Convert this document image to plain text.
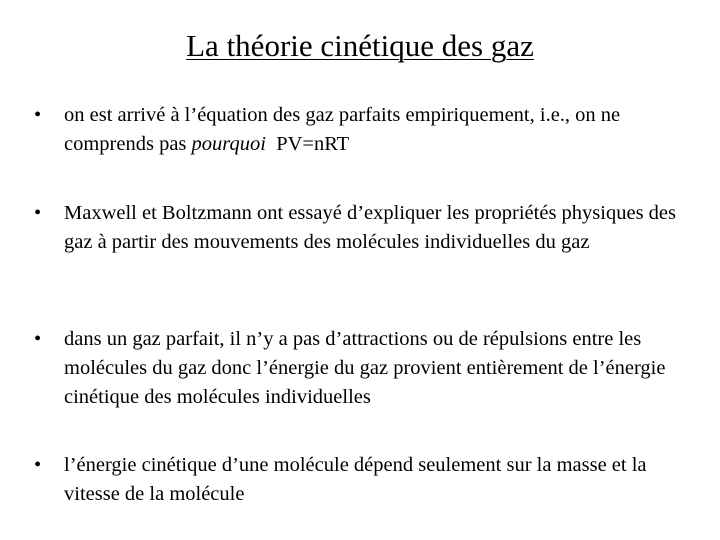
La théorie cinétique des gaz
•	on est arrivé à l’équation des gaz parfaits empiriquement, i.e., on ne comprends pas pourquoi  PV=nRT
•	Maxwell et Boltzmann ont essayé d’expliquer les propriétés physiques des gaz à partir des mouvements des molécules individuelles du gaz
•	dans un gaz parfait, il n’y a pas d’attractions ou de répulsions entre les molécules du gaz donc l’énergie du gaz provient entièrement de l’énergie cinétique des molécules individuelles
•	l’énergie cinétique d’une molécule dépend seulement sur la masse et la vitesse de la molécule
